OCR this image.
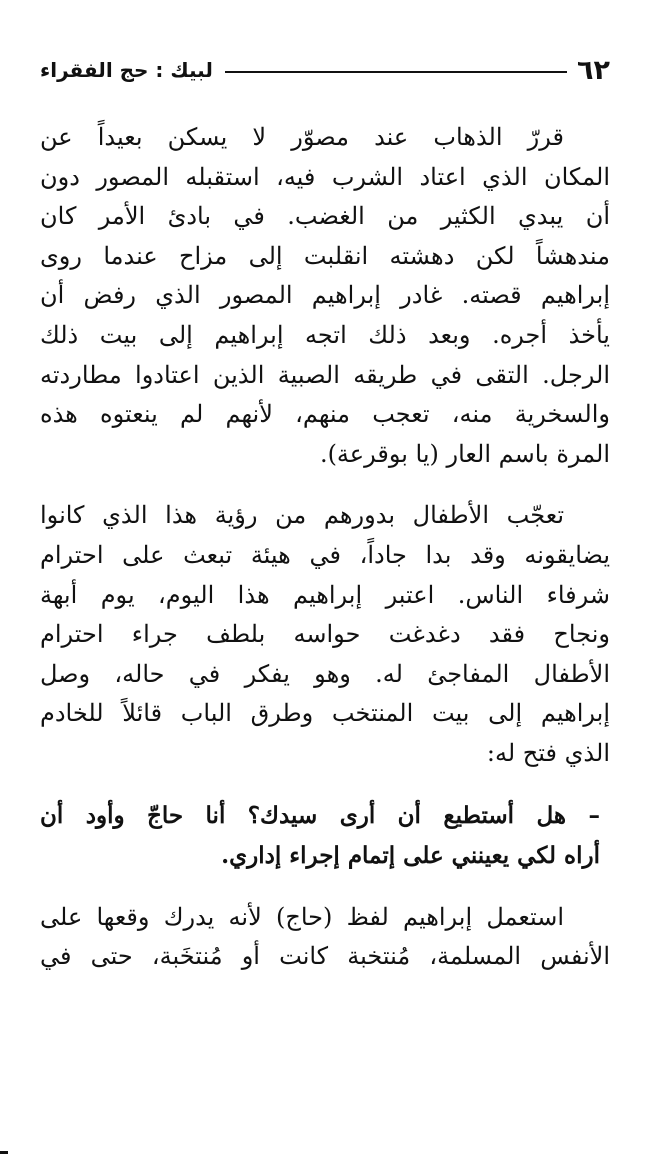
٦٢
لبيك : حج الفقراء

قررّ الذهاب عند مصوّر لا يسكن بعيداً عن
المكان الذي اعتاد الشرب فيه، استقبله المصور دون
أن يبدي الكثير من الغضب. في بادئ الأمر كان
مندهشاً لكن دهشته انقلبت إلى مزاح عندما روى
إبراهيم قصته. غادر إبراهيم المصور الذي رفض أن
يأخذ أجره. وبعد ذلك اتجه إبراهيم إلى بيت ذلك
الرجل. التقى في طريقه الصبية الذين اعتادوا مطاردته
والسخرية منه، تعجب منهم، لأنهم لم ينعتوه هذه
المرة باسم العار (يا بوقرعة).

تعجّب الأطفال بدورهم من رؤية هذا الذي كانوا
يضايقونه وقد بدا جاداً، في هيئة تبعث على احترام
شرفاء الناس. اعتبر إبراهيم هذا اليوم، يوم أبهة
ونجاح فقد دغدغت حواسه بلطف جراء احترام
الأطفال المفاجئ له. وهو يفكر في حاله، وصل
إبراهيم إلى بيت المنتخب وطرق الباب قائلاً للخادم
الذي فتح له:

– هل أستطيع أن أرى سيدك؟ أنا حاجّ وأود أن
أراه لكي يعينني على إتمام إجراء إداري.

استعمل إبراهيم لفظ (حاج) لأنه يدرك وقعها على
الأنفس المسلمة، مُنتخبة كانت أو مُنتخَبة، حتى في
